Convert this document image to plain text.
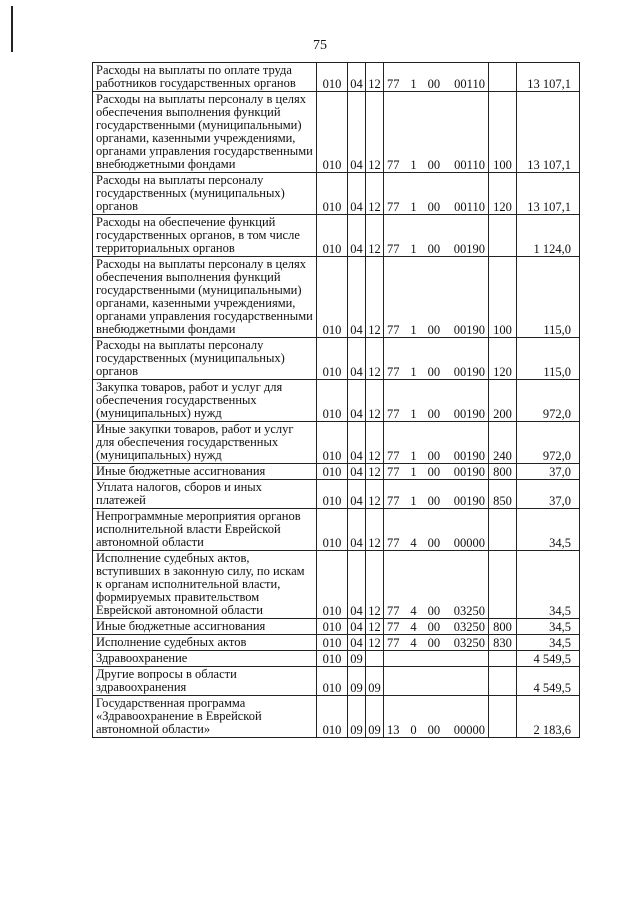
75
Расходы на выплаты по оплате труда работников государственных органов	010	04	12	77 1 00 00110		13 107,1
Расходы на выплаты персоналу в целях обеспечения выполнения функций государственными (муниципальными) органами, казенными учреждениями, органами управления государственными внебюджетными фондами	010	04	12	77 1 00 00110	100	13 107,1
Расходы на выплаты персоналу государственных (муниципальных) органов	010	04	12	77 1 00 00110	120	13 107,1
Расходы на обеспечение функций государственных органов, в том числе территориальных органов	010	04	12	77 1 00 00190		1 124,0
Расходы на выплаты персоналу в целях обеспечения выполнения функций государственными (муниципальными) органами, казенными учреждениями, органами управления государственными внебюджетными фондами	010	04	12	77 1 00 00190	100	115,0
Расходы на выплаты персоналу государственных (муниципальных) органов	010	04	12	77 1 00 00190	120	115,0
Закупка товаров, работ и услуг для обеспечения государственных (муниципальных) нужд	010	04	12	77 1 00 00190	200	972,0
Иные закупки товаров, работ и услуг для обеспечения государственных (муниципальных) нужд	010	04	12	77 1 00 00190	240	972,0
Иные бюджетные ассигнования	010	04	12	77 1 00 00190	800	37,0
Уплата налогов, сборов и иных платежей	010	04	12	77 1 00 00190	850	37,0
Непрограммные мероприятия органов исполнительной власти Еврейской автономной области	010	04	12	77 4 00 00000		34,5
Исполнение судебных актов, вступивших в законную силу, по искам к органам исполнительной власти, формируемых правительством Еврейской автономной области	010	04	12	77 4 00 03250		34,5
Иные бюджетные ассигнования	010	04	12	77 4 00 03250	800	34,5
Исполнение судебных актов	010	04	12	77 4 00 03250	830	34,5
Здравоохранение	010	09				4 549,5
Другие вопросы в области здравоохранения	010	09	09			4 549,5
Государственная программа «Здравоохранение в Еврейской автономной области»	010	09	09	13 0 00 00000		2 183,6
